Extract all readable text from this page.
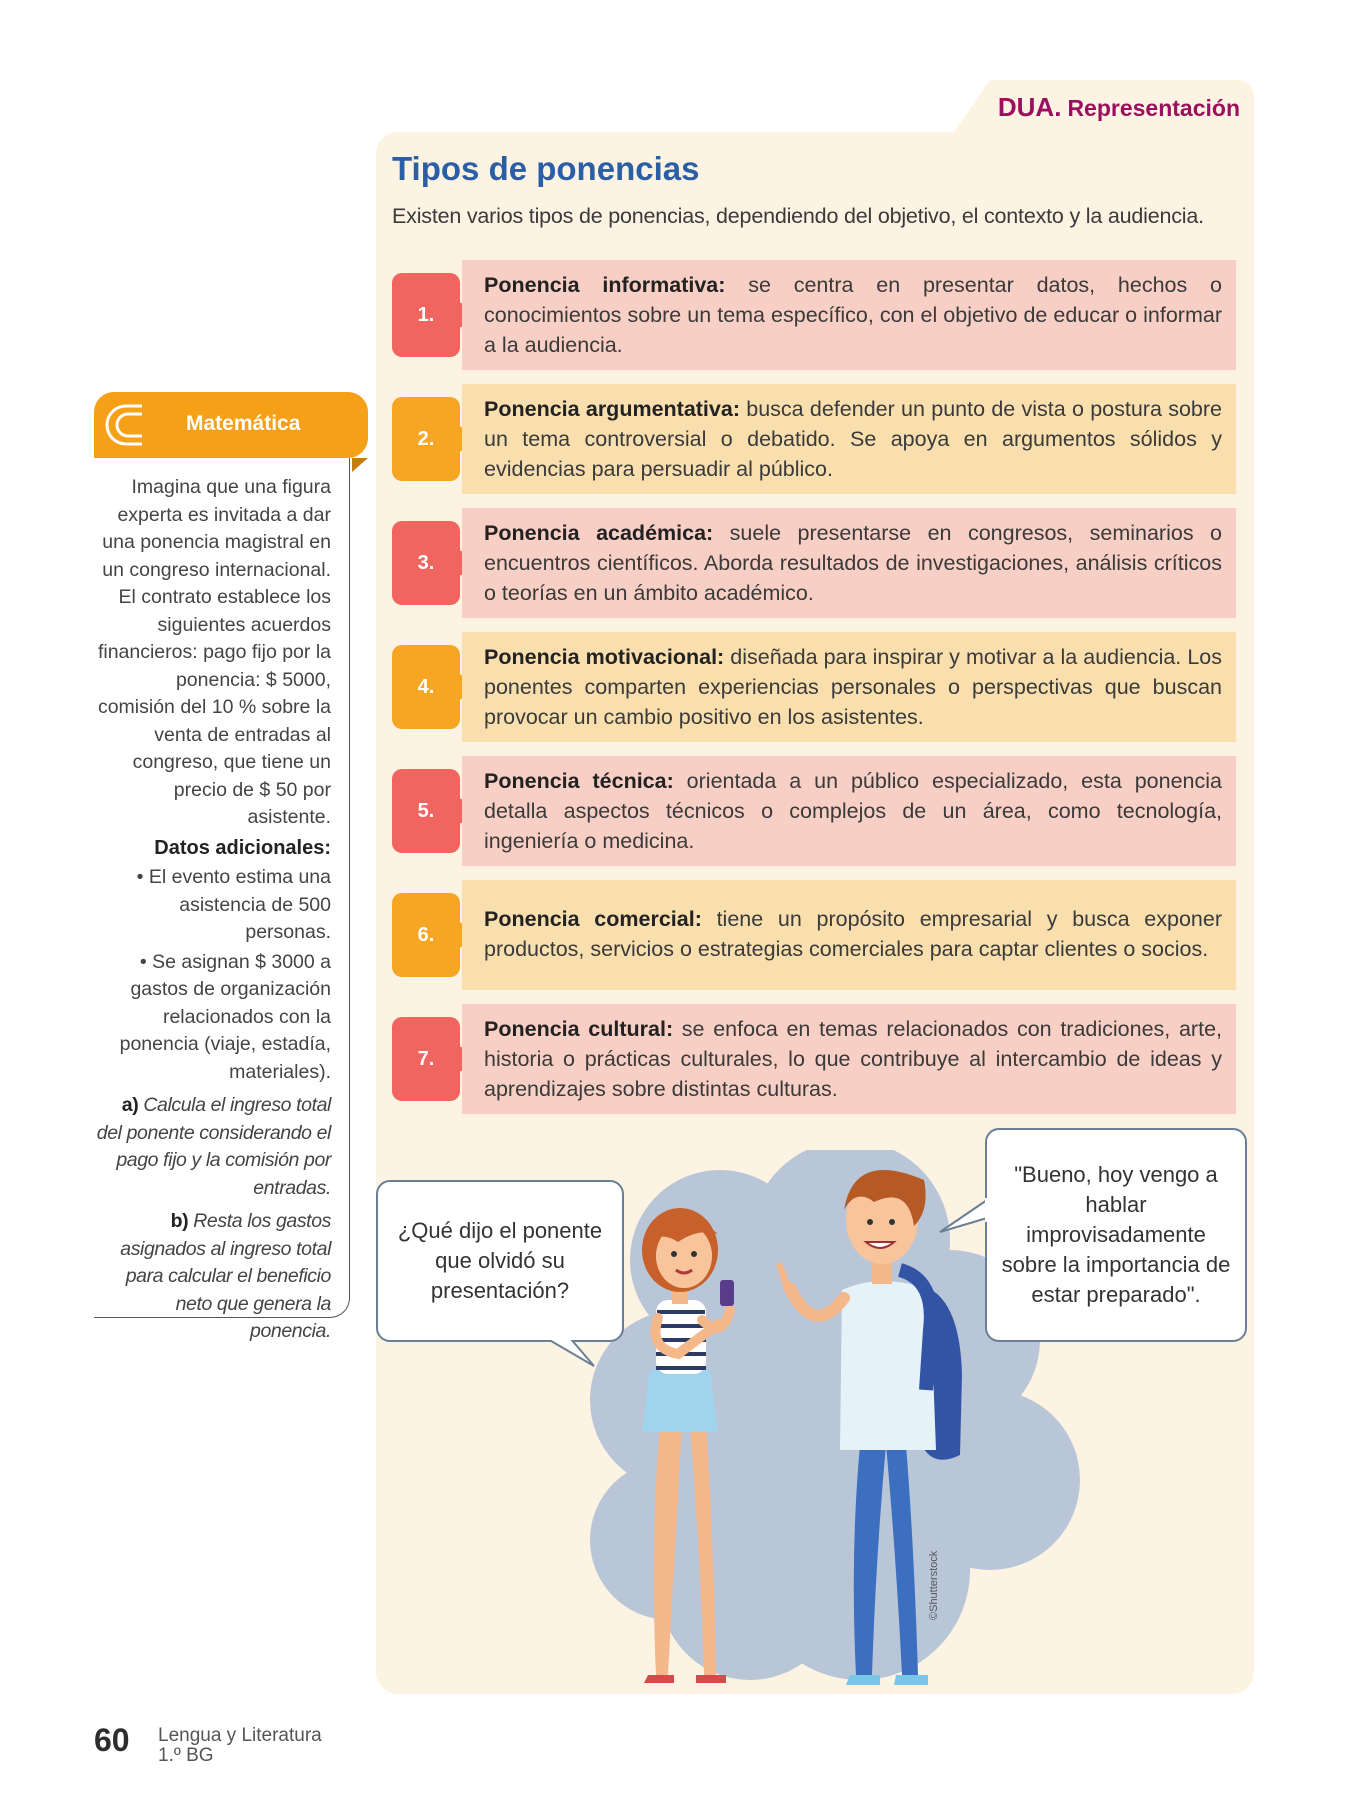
DUA. Representación

Tipos de ponencias

Existen varios tipos de ponencias, dependiendo del objetivo, el contexto y la audiencia.

1.
Ponencia informativa: se centra en presentar datos, hechos o conocimientos sobre un tema específico, con el objetivo de educar o informar a la audiencia.
2.
Ponencia argumentativa: busca defender un punto de vista o postura sobre un tema controversial o debatido. Se apoya en argumentos sólidos y evidencias para persuadir al público.
3.
Ponencia académica: suele presentarse en congresos, seminarios o encuentros científicos. Aborda resultados de investigaciones, análisis críticos o teorías en un ámbito académico.
4.
Ponencia motivacional: diseñada para inspirar y motivar a la audiencia. Los ponentes comparten experiencias personales o perspectivas que buscan provocar un cambio positivo en los asistentes.
5.
Ponencia técnica: orientada a un público especializado, esta ponencia detalla aspectos técnicos o complejos de un área, como tecnología, ingeniería o medicina.
6.
Ponencia comercial: tiene un propósito empresarial y busca exponer productos, servicios o estrategias comerciales para captar clientes o socios.
7.
Ponencia cultural: se enfoca en temas relacionados con tradiciones, arte, historia o prácticas culturales, lo que contribuye al intercambio de ideas y aprendizajes sobre distintas culturas.

Matemática

Imagina que una figura experta es invitada a dar una ponencia magistral en un congreso internacional. El contrato establece los siguientes acuerdos financieros: pago fijo por la ponencia: $ 5000, comisión del 10 % sobre la venta de entradas al congreso, que tiene un precio de $ 50 por asistente.

Datos adicionales:

• El evento estima una asistencia de 500 personas.

• Se asignan $ 3000 a gastos de organización relacionados con la ponencia (viaje, estadía, materiales).

a) Calcula el ingreso total del ponente considerando el pago fijo y la comisión por entradas.

b) Resta los gastos asignados al ingreso total para calcular el beneficio neto que genera la ponencia.

¿Qué dijo el ponente que olvidó su presentación?
"Bueno, hoy vengo a hablar improvisadamente sobre la importancia de estar preparado".

©Shutterstock

60 Lengua y Literatura
1.º BG
